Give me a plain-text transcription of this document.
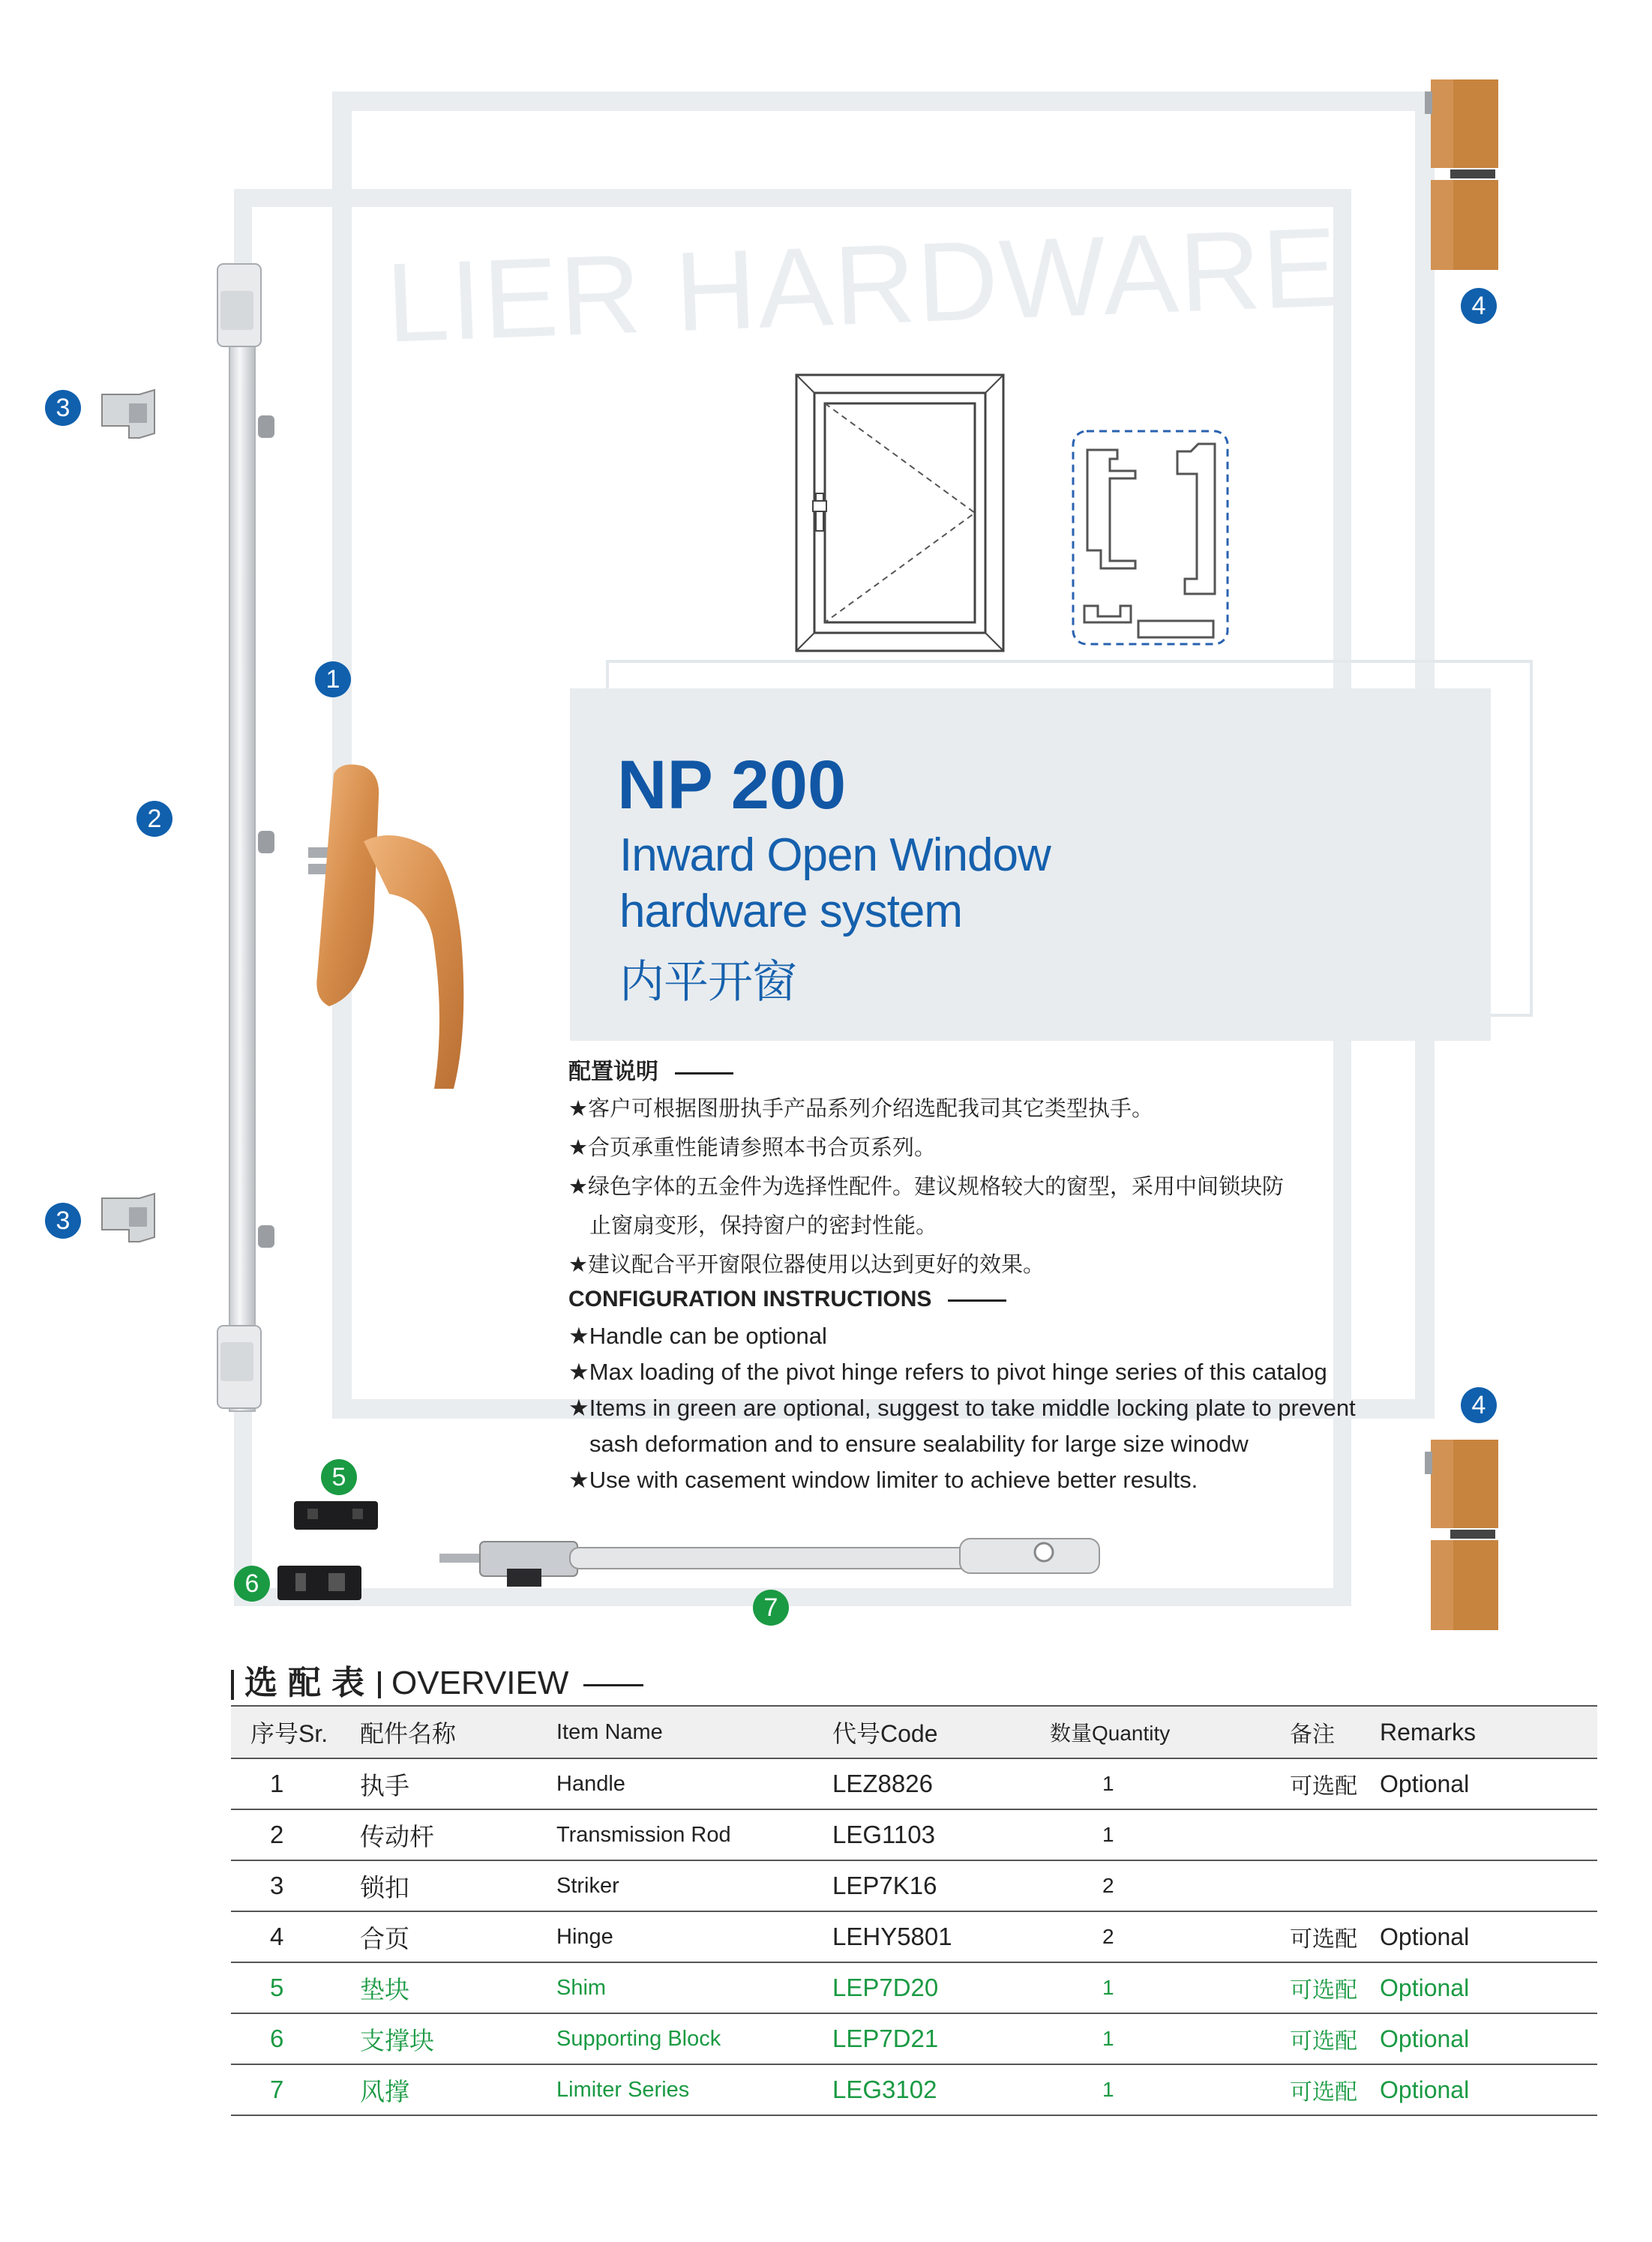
LIER HARDWARE
NP 200
Inward Open Window
hardware system
内平开窗
配置说明
★客户可根据图册执手产品系列介绍选配我司其它类型执手。
★合页承重性能请参照本书合页系列。
★绿色字体的五金件为选择性配件。建议规格较大的窗型，采用中间锁块防
止窗扇变形，保持窗户的密封性能。
★建议配合平开窗限位器使用以达到更好的效果。
CONFIGURATION INSTRUCTIONS
★Handle can be optional
★Max loading of the pivot hinge refers to pivot hinge series of this catalog
★Items in green are optional, suggest to take middle locking plate to prevent
sash deformation and to ensure sealability for large size winodw
★Use with casement window limiter to achieve better results.
1
2
3
3
4
4
5
6
7
选配表 OVERVIEW
序号Sr.	配件名称	Item Name	代号Code	数量Quantity	备注	Remarks
1	执手	Handle	LEZ8826	1	可选配	Optional
2	传动杆	Transmission Rod	LEG1103	1		
3	锁扣	Striker	LEP7K16	2		
4	合页	Hinge	LEHY5801	2	可选配	Optional
5	垫块	Shim	LEP7D20	1	可选配	Optional
6	支撑块	Supporting Block	LEP7D21	1	可选配	Optional
7	风撑	Limiter Series	LEG3102	1	可选配	Optional
